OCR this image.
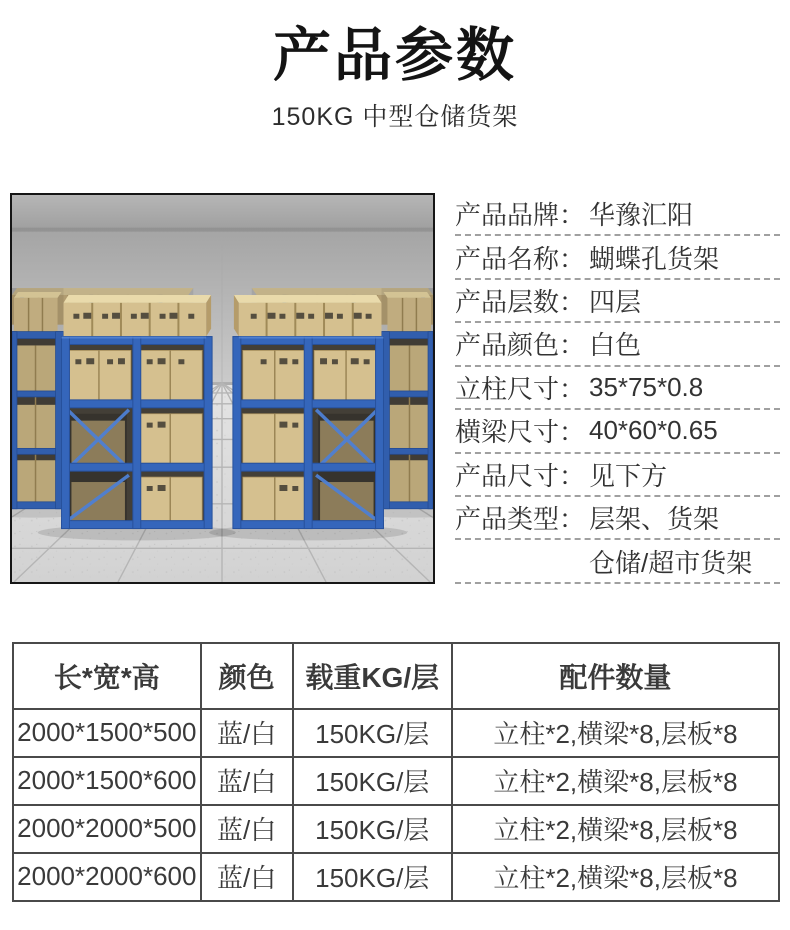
产品参数
150KG 中型仓储货架
产品品牌： 华豫汇阳
产品名称： 蝴蝶孔货架
产品层数： 四层
产品颜色： 白色
立柱尺寸： 35*75*0.8
横梁尺寸： 40*60*0.65
产品尺寸： 见下方
产品类型： 层架、货架
仓储/超市货架
长*宽*高	颜色	载重KG/层	配件数量
2000*1500*500	蓝/白	150KG/层	立柱*2,横梁*8,层板*8
2000*1500*600	蓝/白	150KG/层	立柱*2,横梁*8,层板*8
2000*2000*500	蓝/白	150KG/层	立柱*2,横梁*8,层板*8
2000*2000*600	蓝/白	150KG/层	立柱*2,横梁*8,层板*8
